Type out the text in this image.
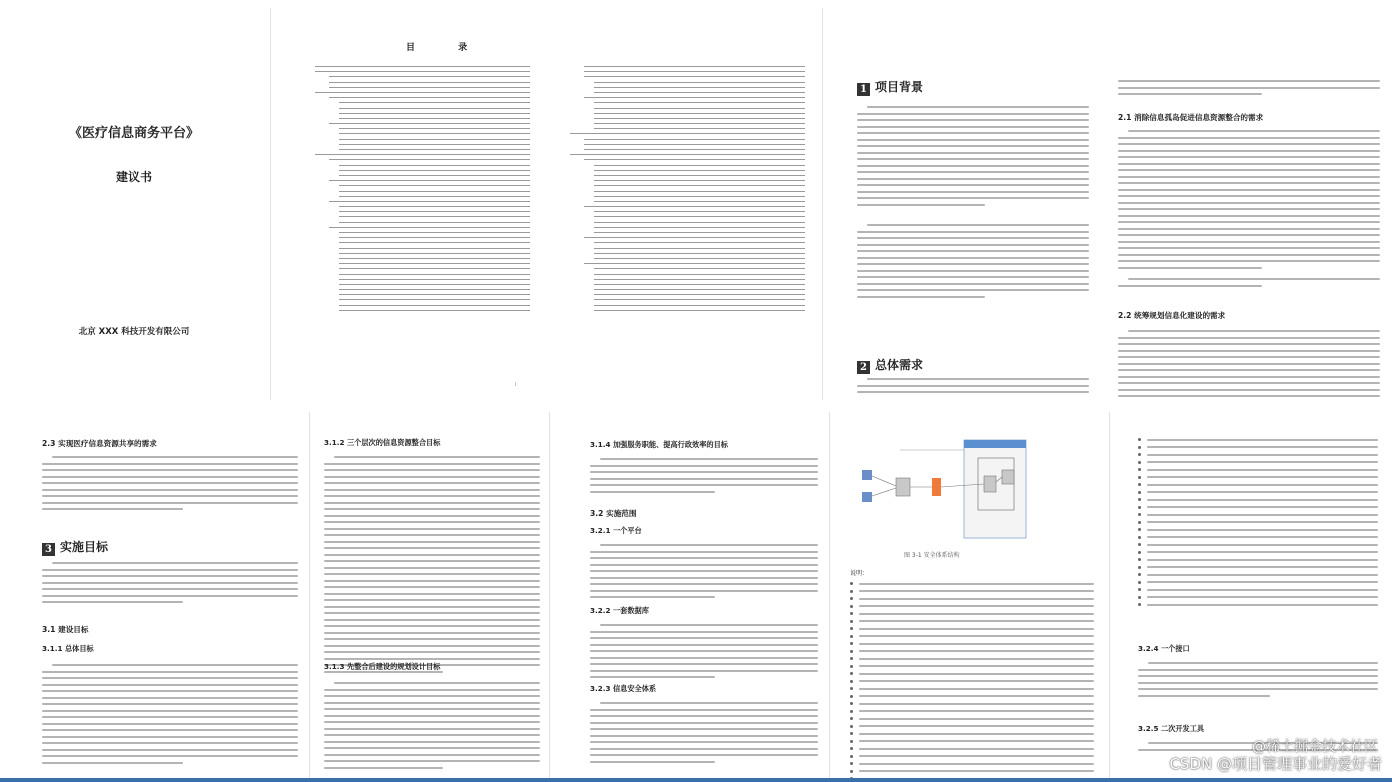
《医疗信息商务平台》
建议书
北京 XXX 科技开发有限公司
目 录
i
1 项目背景
2 总体需求
2.1 消除信息孤岛促进信息资源整合的需求
2.2 统筹规划信息化建设的需求
2.3 实现医疗信息资源共享的需求
3 实施目标
3.1 建设目标
3.1.1 总体目标
3.1.2 三个层次的信息资源整合目标
3.1.3 先整合后建设的规划设计目标
3.1.4 加强服务职能、提高行政效率的目标
3.2 实施范围
3.2.1 一个平台
3.2.2 一套数据库
3.2.3 信息安全体系
图 3-1 安全体系结构
说明：
3.2.4 一个接口
3.2.5 二次开发工具
@稀土掘金技术社区
CSDN @项目管理事业的爱好者
